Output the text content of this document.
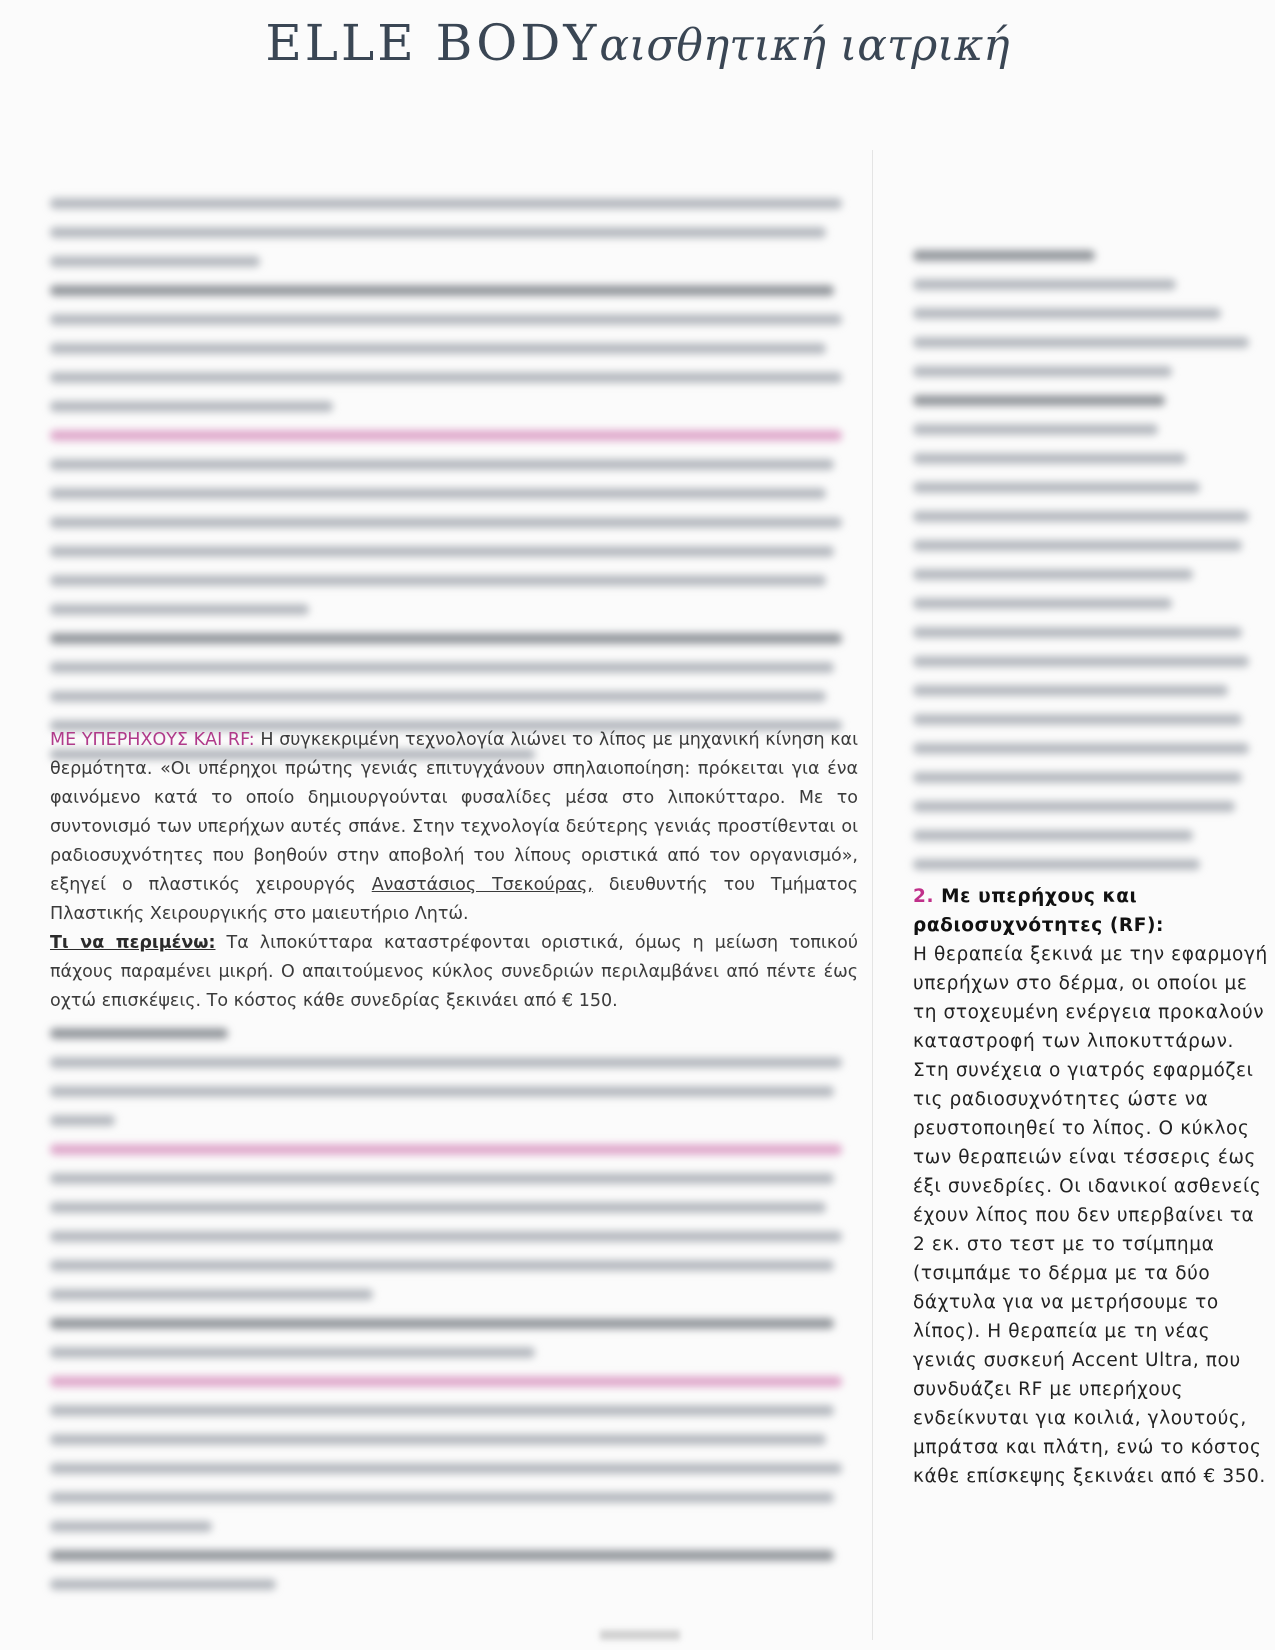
ELLE BODYαισθητική ιατρική

ΜΕ ΥΠΕΡΗΧΟΥΣ ΚΑΙ RF: Η συγκεκριμένη τεχνολογία λιώνει το λίπος με μηχανική κίνηση και θερμότητα. «Οι υπέρηχοι πρώτης γενιάς επιτυγχάνουν σπηλαιοποίηση: πρόκειται για ένα φαινόμενο κατά το οποίο δημιουργούνται φυσαλίδες μέσα στο λιποκύτταρο. Με το συντονισμό των υπερήχων αυτές σπάνε. Στην τεχνολογία δεύτερης γενιάς προστίθενται οι ραδιοσυχνότητες που βοηθούν στην αποβολή του λίπους οριστικά από τον οργανισμό», εξηγεί ο πλαστικός χειρουργός Αναστάσιος Τσεκούρας, διευθυντής του Τμήματος Πλαστικής Χειρουργικής στο μαιευτήριο Λητώ.

Τι να περιμένω: Τα λιποκύτταρα καταστρέφονται οριστικά, όμως η μείωση τοπικού πάχους παραμένει μικρή. Ο απαιτούμενος κύκλος συνεδριών περιλαμβάνει από πέντε έως οχτώ επισκέψεις. Το κόστος κάθε συνεδρίας ξεκινάει από € 150.

2. Με υπερήχους και ραδιοσυχνότητες (RF):

Η θεραπεία ξεκινά με την εφαρμογή υπερήχων στο δέρμα, οι οποίοι με τη στοχευμένη ενέργεια προκαλούν καταστροφή των λιποκυττάρων. Στη συνέχεια ο γιατρός εφαρμόζει τις ραδιοσυχνότητες ώστε να ρευστοποιηθεί το λίπος. Ο κύκλος των θεραπειών είναι τέσσερις έως έξι συνεδρίες. Οι ιδανικοί ασθενείς έχουν λίπος που δεν υπερβαίνει τα 2 εκ. στο τεστ με το τσίμπημα (τσιμπάμε το δέρμα με τα δύο δάχτυλα για να μετρήσουμε το λίπος). Η θεραπεία με τη νέας γενιάς συσκευή Accent Ultra, που συνδυάζει RF με υπερήχους ενδείκνυται για κοιλιά, γλουτούς, μπράτσα και πλάτη, ενώ το κόστος κάθε επίσκεψης ξεκινάει από € 350.
